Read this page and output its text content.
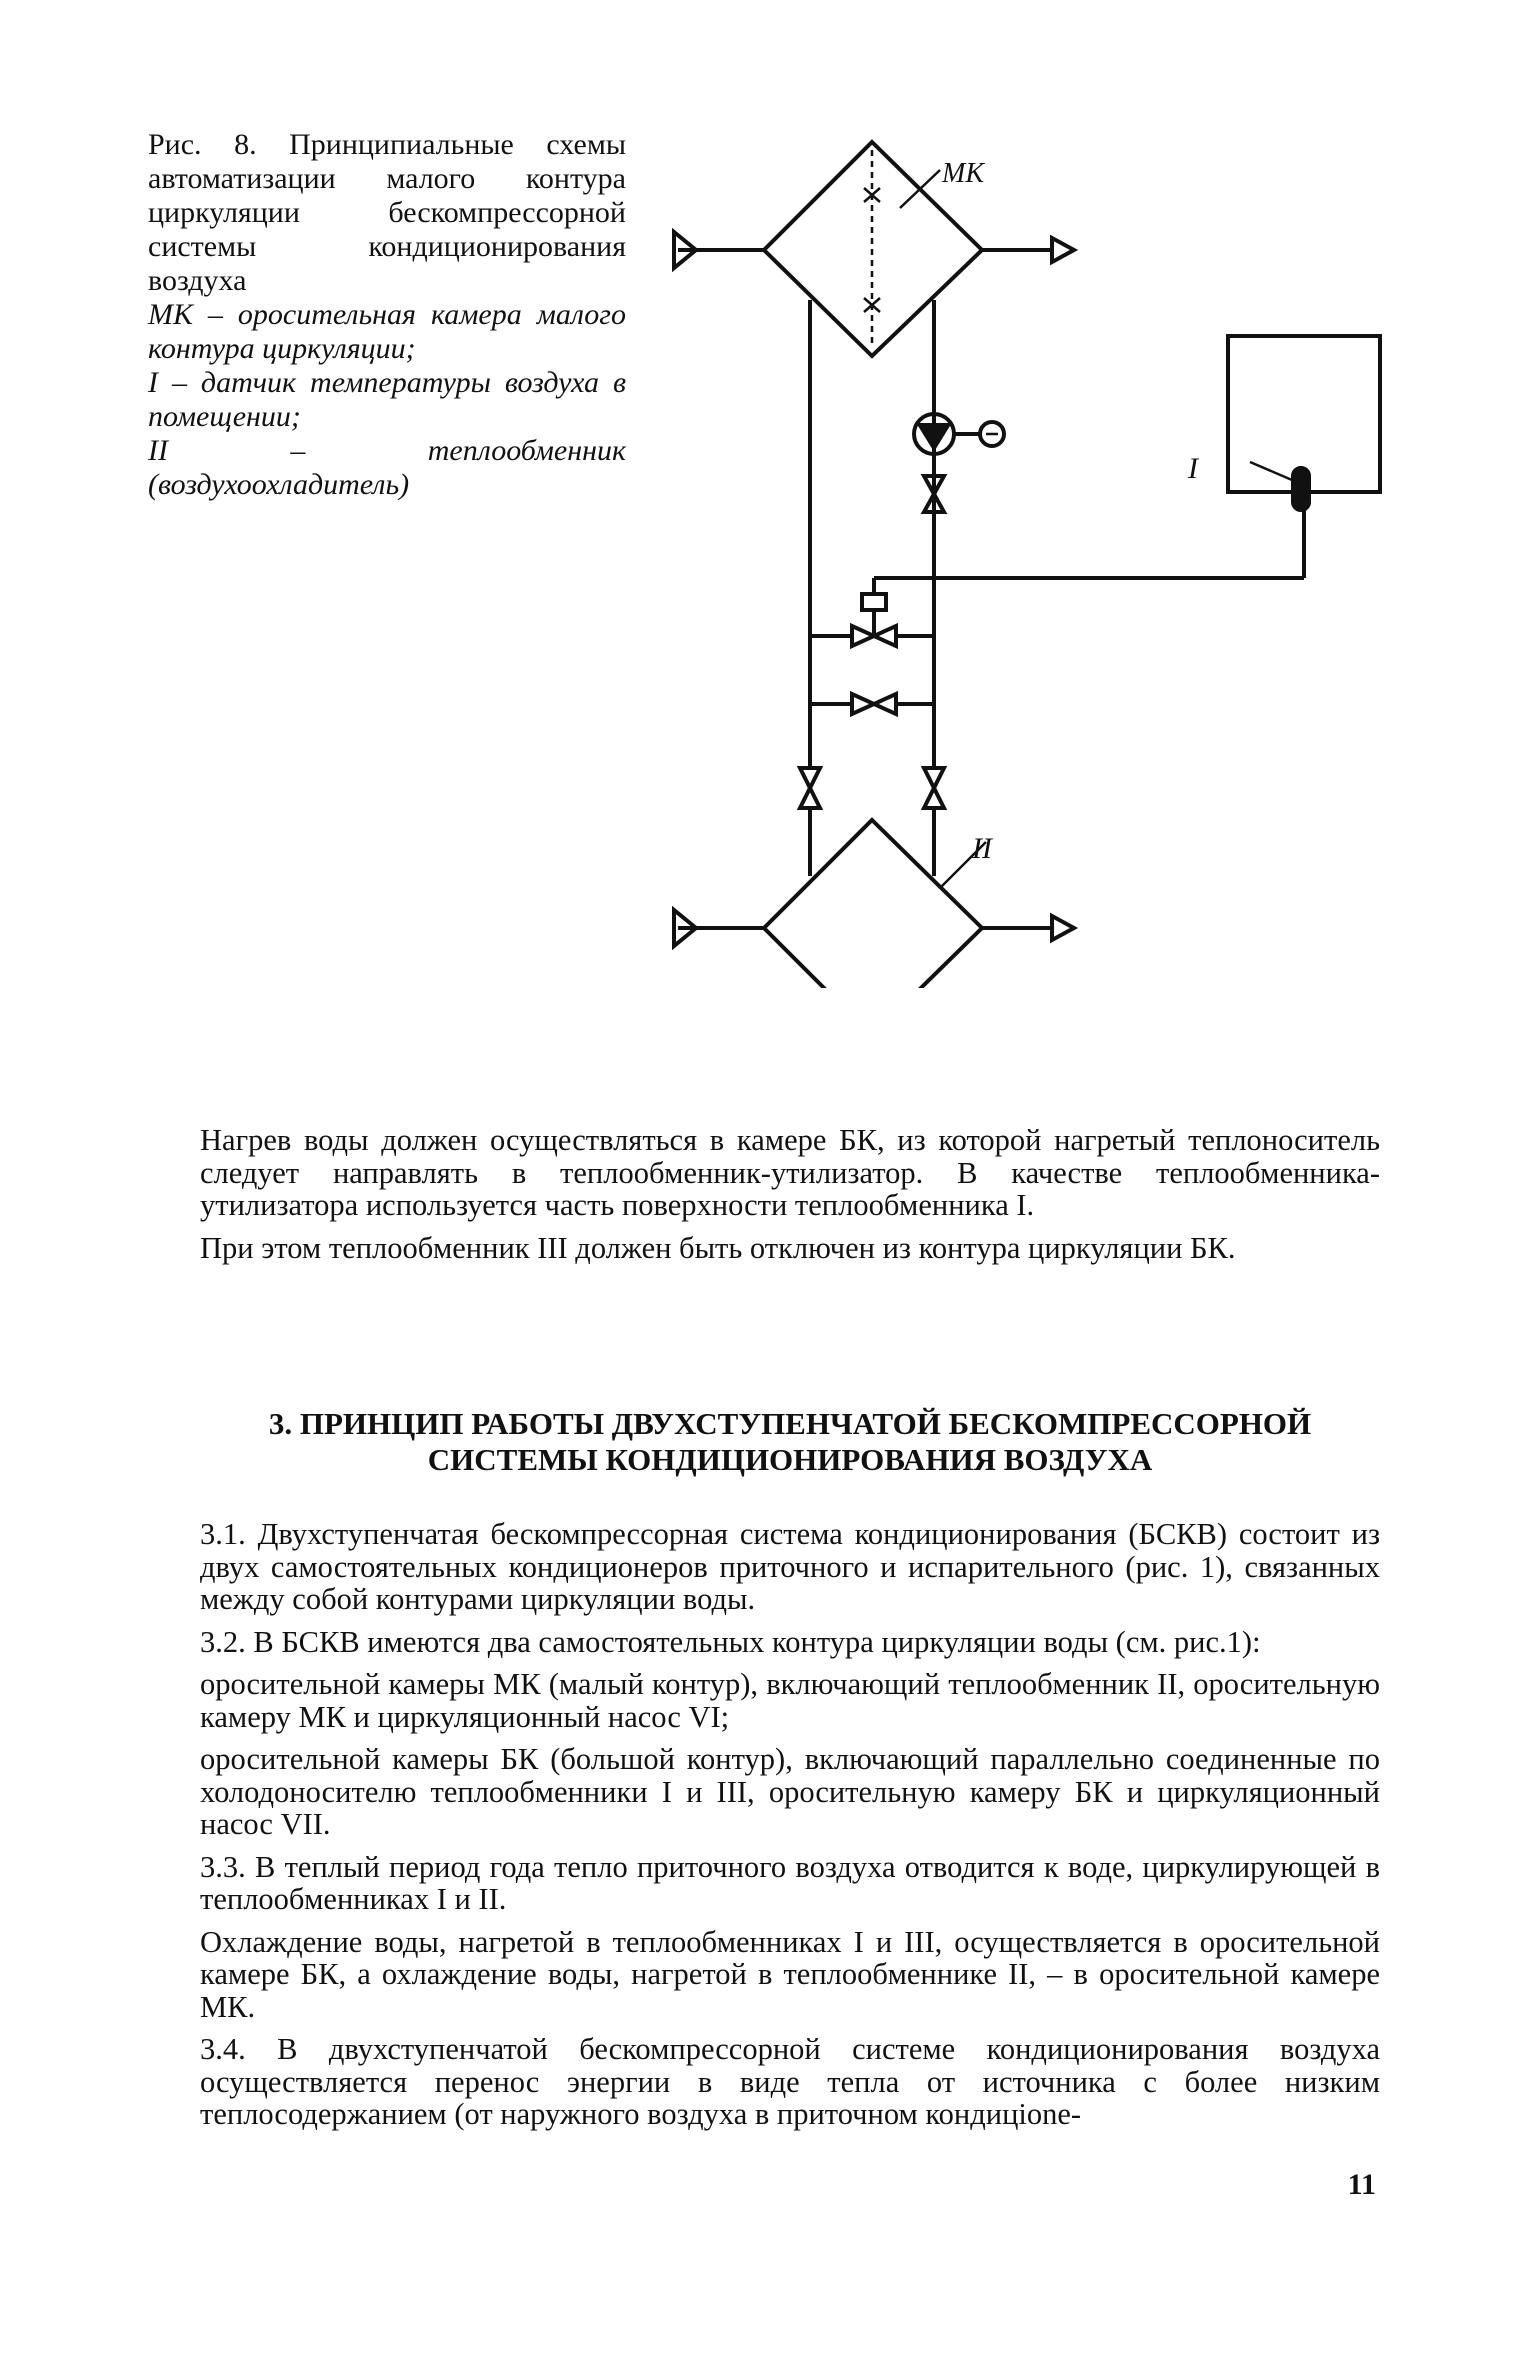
Рис. 8. Принципиальные схемы автоматизации малого контура циркуляции бескомпрессорной системы кондиционирования воздуха
МК – оросительная камера малого контура циркуляции;
I – датчик температуры воздуха в помещении;
II – теплообменник (воздухоохладитель)
МК
I
II

Нагрев воды должен осуществляться в камере БК, из которой нагретый теплоноситель следует направлять в теплообменник-утилизатор. В качестве теплообменника-утилизатора используется часть поверхности теплообменника I.

При этом теплообменник III должен быть отключен из контура циркуляции БК.

3. ПРИНЦИП РАБОТЫ ДВУХСТУПЕНЧАТОЙ БЕСКОМПРЕССОРНОЙ СИСТЕМЫ КОНДИЦИОНИРОВАНИЯ ВОЗДУХА

3.1. Двухступенчатая бескомпрессорная система кондиционирования (БСКВ) состоит из двух самостоятельных кондиционеров приточного и испарительного (рис. 1), связанных между собой контурами циркуляции воды.

3.2. В БСКВ имеются два самостоятельных контура циркуляции воды (см. рис.1):

оросительной камеры МК (малый контур), включающий теплообменник II, оросительную камеру МК и циркуляционный насос VI;

оросительной камеры БК (большой контур), включающий параллельно соединенные по холодоносителю теплообменники I и III, оросительную камеру БК и циркуляционный насос VII.

3.3. В теплый период года тепло приточного воздуха отводится к воде, циркулирующей в теплообменниках I и II.

Охлаждение воды, нагретой в теплообменниках I и III, осуществляется в оросительной камере БК, а охлаждение воды, нагретой в теплообменнике II, – в оросительной камере МК.

3.4. В двухступенчатой бескомпрессорной системе кондиционирования воздуха осуществляется перенос энергии в виде тепла от источника с более низким теплосодержанием (от наружного воздуха в приточном кондицione-

11
